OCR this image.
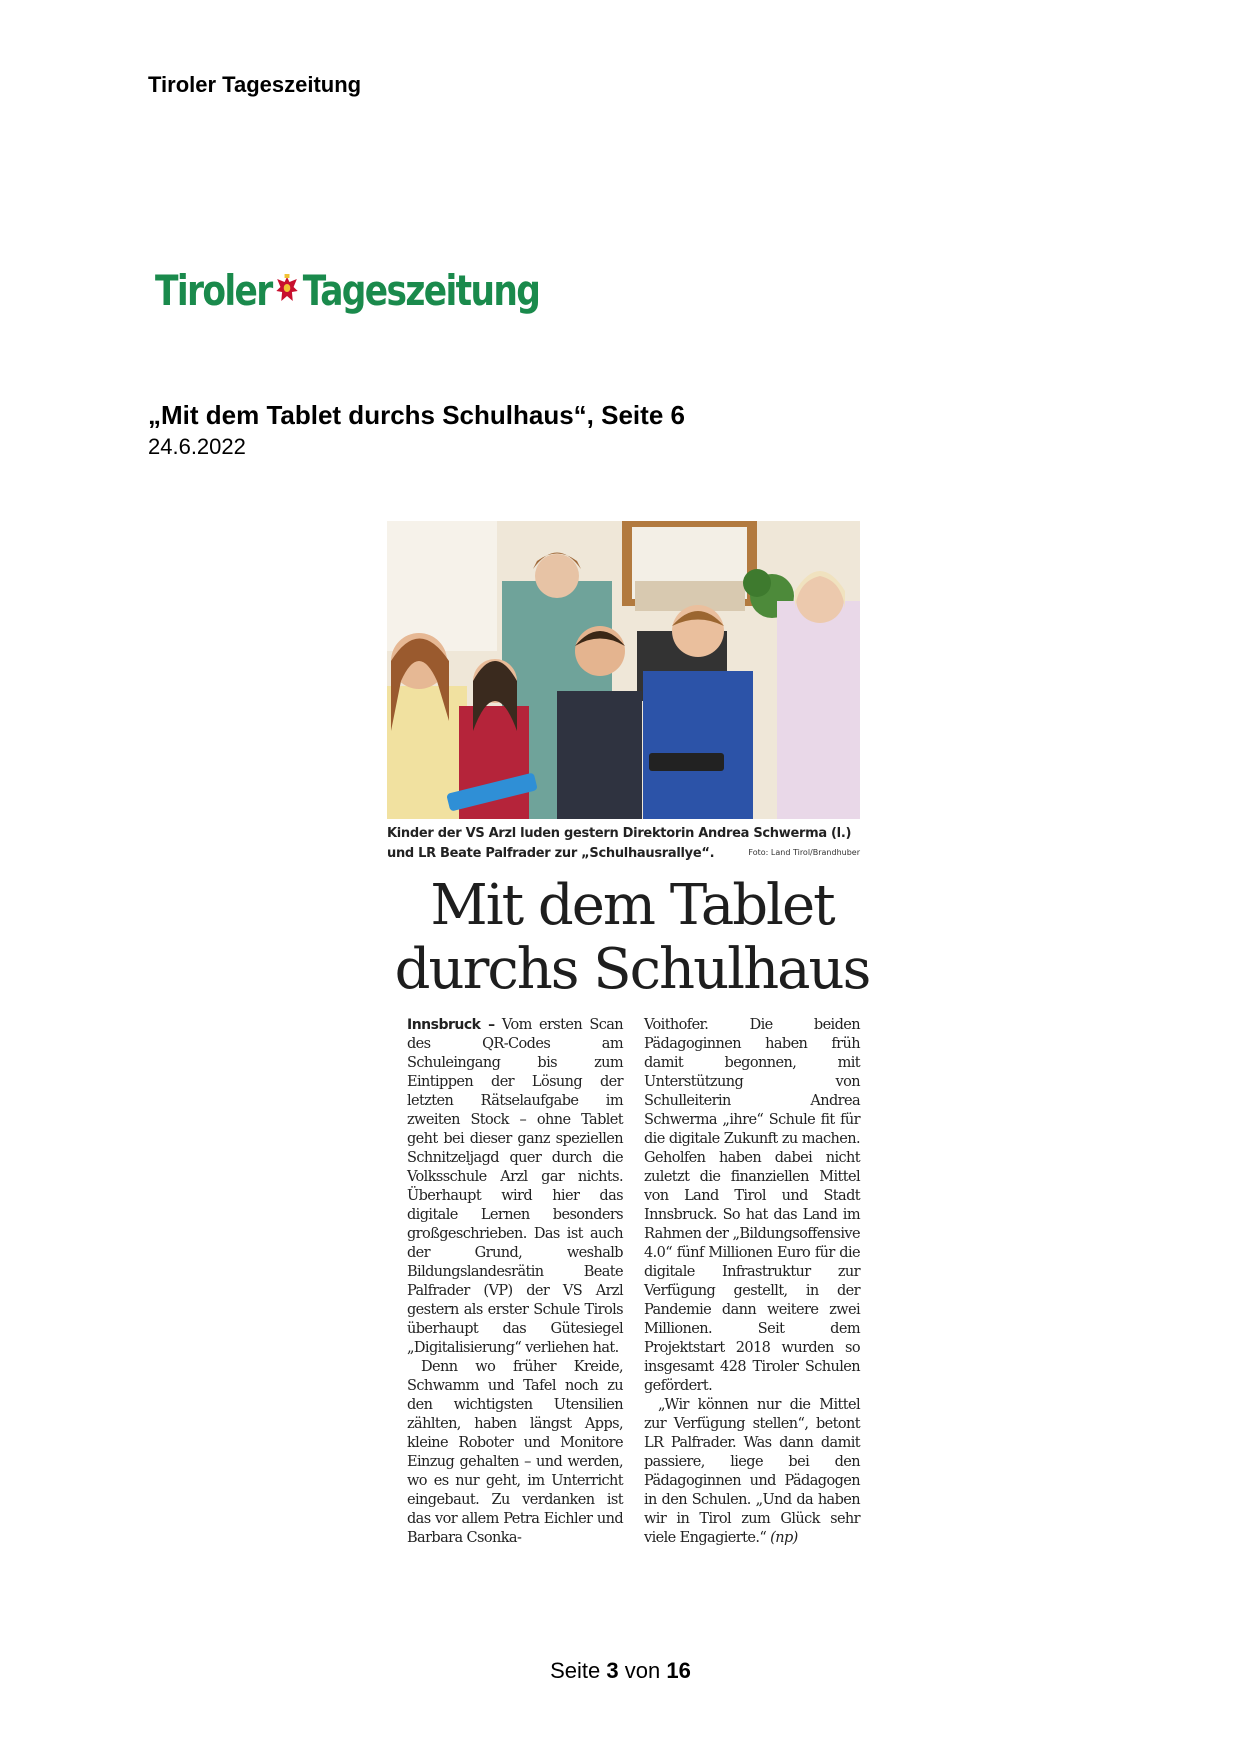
Tiroler Tageszeitung
Tiroler Tageszeitung
„Mit dem Tablet durchs Schulhaus“, Seite 6
24.6.2022
Kinder der VS Arzl luden gestern Direktorin Andrea Schwerma (l.) und LR Beate Palfrader zur „Schulhausrallye“.	Foto: Land Tirol/Brandhuber
Mit dem Tablet
durchs Schulhaus

Innsbruck – Vom ersten Scan des QR-Codes am Schuleingang bis zum Eintippen der Lösung der letzten Rätselaufgabe im zweiten Stock – ohne Tablet geht bei dieser ganz speziellen Schnitzeljagd quer durch die Volksschule Arzl gar nichts. Überhaupt wird hier das digitale Lernen besonders großgeschrieben. Das ist auch der Grund, weshalb Bildungslandesrätin Beate Palfrader (VP) der VS Arzl gestern als erster Schule Tirols überhaupt das Gütesiegel „Digitalisierung“ verliehen hat.

Denn wo früher Kreide, Schwamm und Tafel noch zu den wichtigsten Utensilien zählten, haben längst Apps, kleine Roboter und Monitore Einzug gehalten – und werden, wo es nur geht, im Unterricht eingebaut. Zu verdanken ist das vor allem Petra Eichler und Barbara Csonka-

Voithofer. Die beiden Pädagoginnen haben früh damit begonnen, mit Unterstützung von Schulleiterin Andrea Schwerma „ihre“ Schule fit für die digitale Zukunft zu machen. Geholfen haben dabei nicht zuletzt die finanziellen Mittel von Land Tirol und Stadt Innsbruck. So hat das Land im Rahmen der „Bildungsoffensive 4.0“ fünf Millionen Euro für die digitale Infrastruktur zur Verfügung gestellt, in der Pandemie dann weitere zwei Millionen. Seit dem Projektstart 2018 wurden so insgesamt 428 Tiroler Schulen gefördert.

„Wir können nur die Mittel zur Verfügung stellen“, betont LR Palfrader. Was dann damit passiere, liege bei den Pädagoginnen und Pädagogen in den Schulen. „Und da haben wir in Tirol zum Glück sehr viele Engagierte.“ (np)

Seite 3 von 16
